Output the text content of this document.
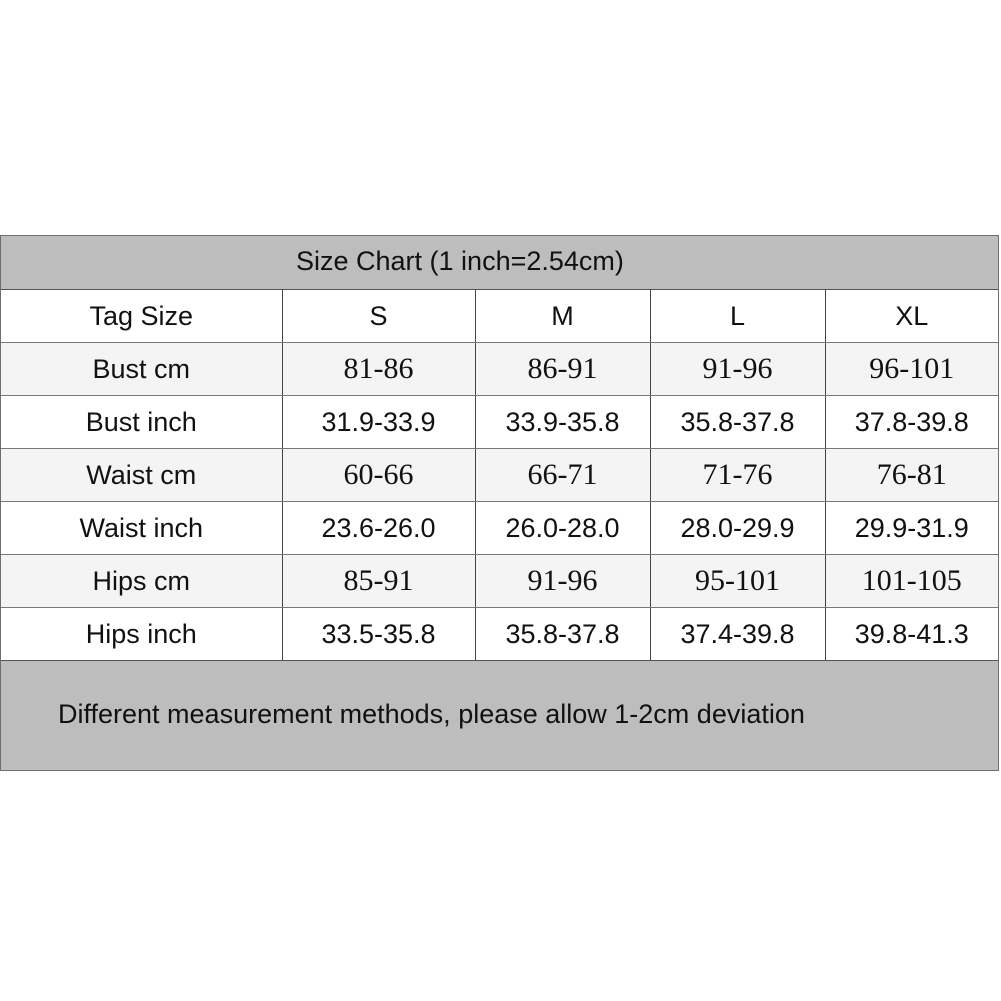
Size Chart (1 inch=2.54cm)
Tag Size	S	M	L	XL
Bust cm	81-86	86-91	91-96	96-101
Bust inch	31.9-33.9	33.9-35.8	35.8-37.8	37.8-39.8
Waist cm	60-66	66-71	71-76	76-81
Waist inch	23.6-26.0	26.0-28.0	28.0-29.9	29.9-31.9
Hips cm	85-91	91-96	95-101	101-105
Hips inch	33.5-35.8	35.8-37.8	37.4-39.8	39.8-41.3
Different measurement methods, please allow 1-2cm deviation
